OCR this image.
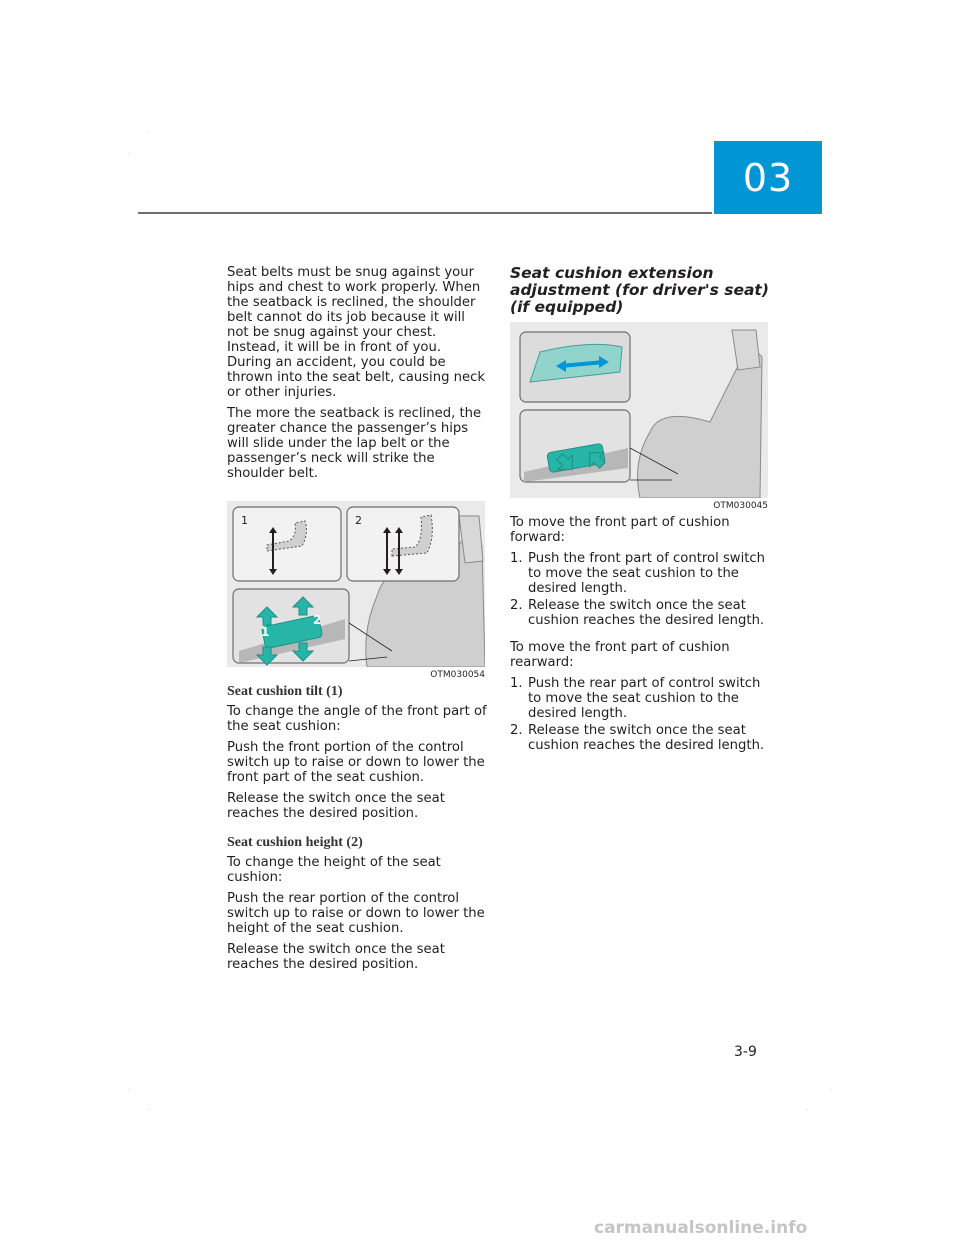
·	·
·	·
·	·
·	·
03

Seat belts must be snug against your hips and chest to work properly. When the seatback is reclined, the shoulder belt cannot do its job because it will not be snug against your chest. Instead, it will be in front of you. During an accident, you could be thrown into the seat belt, causing neck or other injuries.

The more the seatback is reclined, the greater chance the passenger’s hips will slide under the lap belt or the passenger’s neck will strike the shoulder belt.

1	2
1
2
OTM030054
Seat cushion tilt (1)

To change the angle of the front part of the seat cushion:

Push the front portion of the control switch up to raise or down to lower the front part of the seat cushion.

Release the switch once the seat reaches the desired position.

Seat cushion height (2)

To change the height of the seat cushion:

Push the rear portion of the control switch up to raise or down to lower the height of the seat cushion.

Release the switch once the seat reaches the desired position.

Seat cushion extension adjustment (for driver's seat) (if equipped)
OTM030045

To move the front part of cushion forward:

1. Push the front part of control switch to move the seat cushion to the desired length.
2. Release the switch once the seat cushion reaches the desired length.

To move the front part of cushion rearward:

1. Push the rear part of control switch to move the seat cushion to the desired length.
2. Release the switch once the seat cushion reaches the desired length.
3-9
carmanualsonline.info
